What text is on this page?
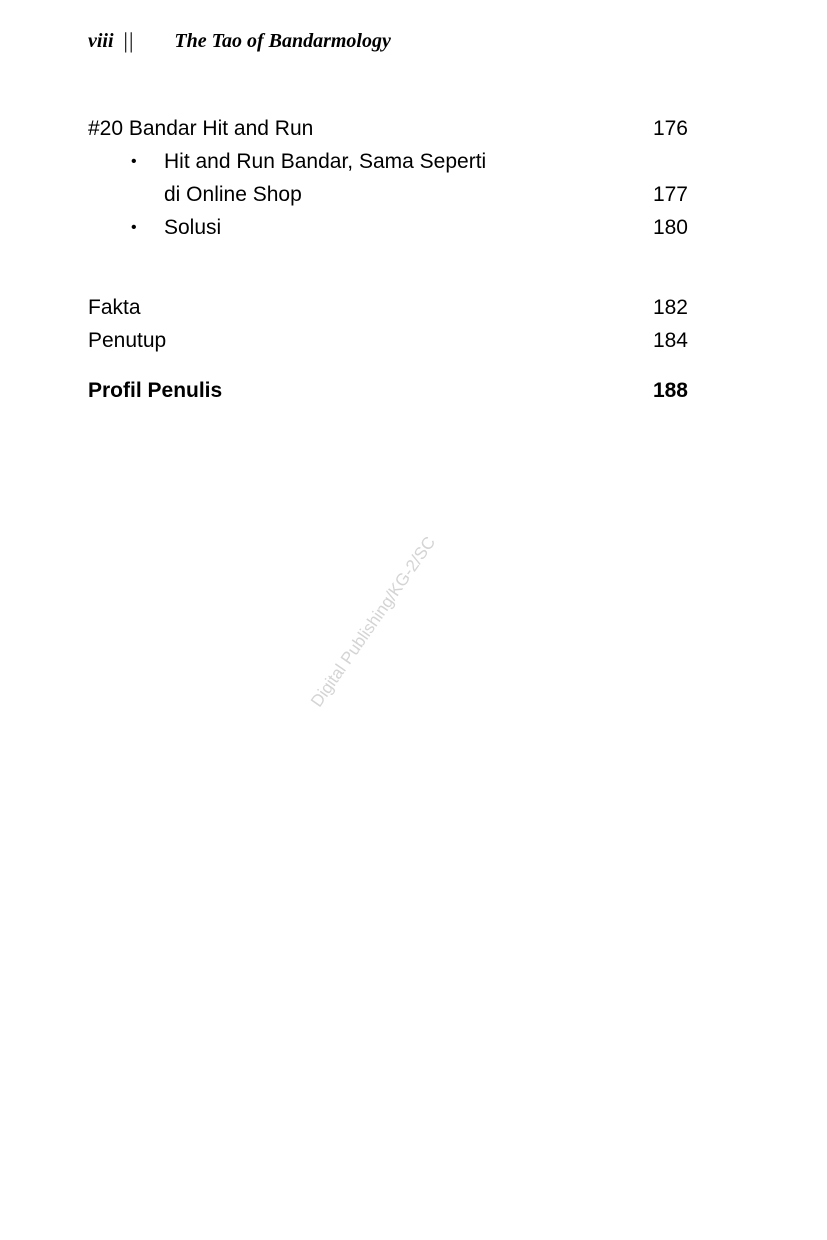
viii || The Tao of Bandarmology
#20 Bandar Hit and Run	176
• Hit and Run Bandar, Sama Seperti
di Online Shop	177
• Solusi	180
Fakta	182
Penutup	184
Profil Penulis	188
Digital Publishing/KG-2/SC
